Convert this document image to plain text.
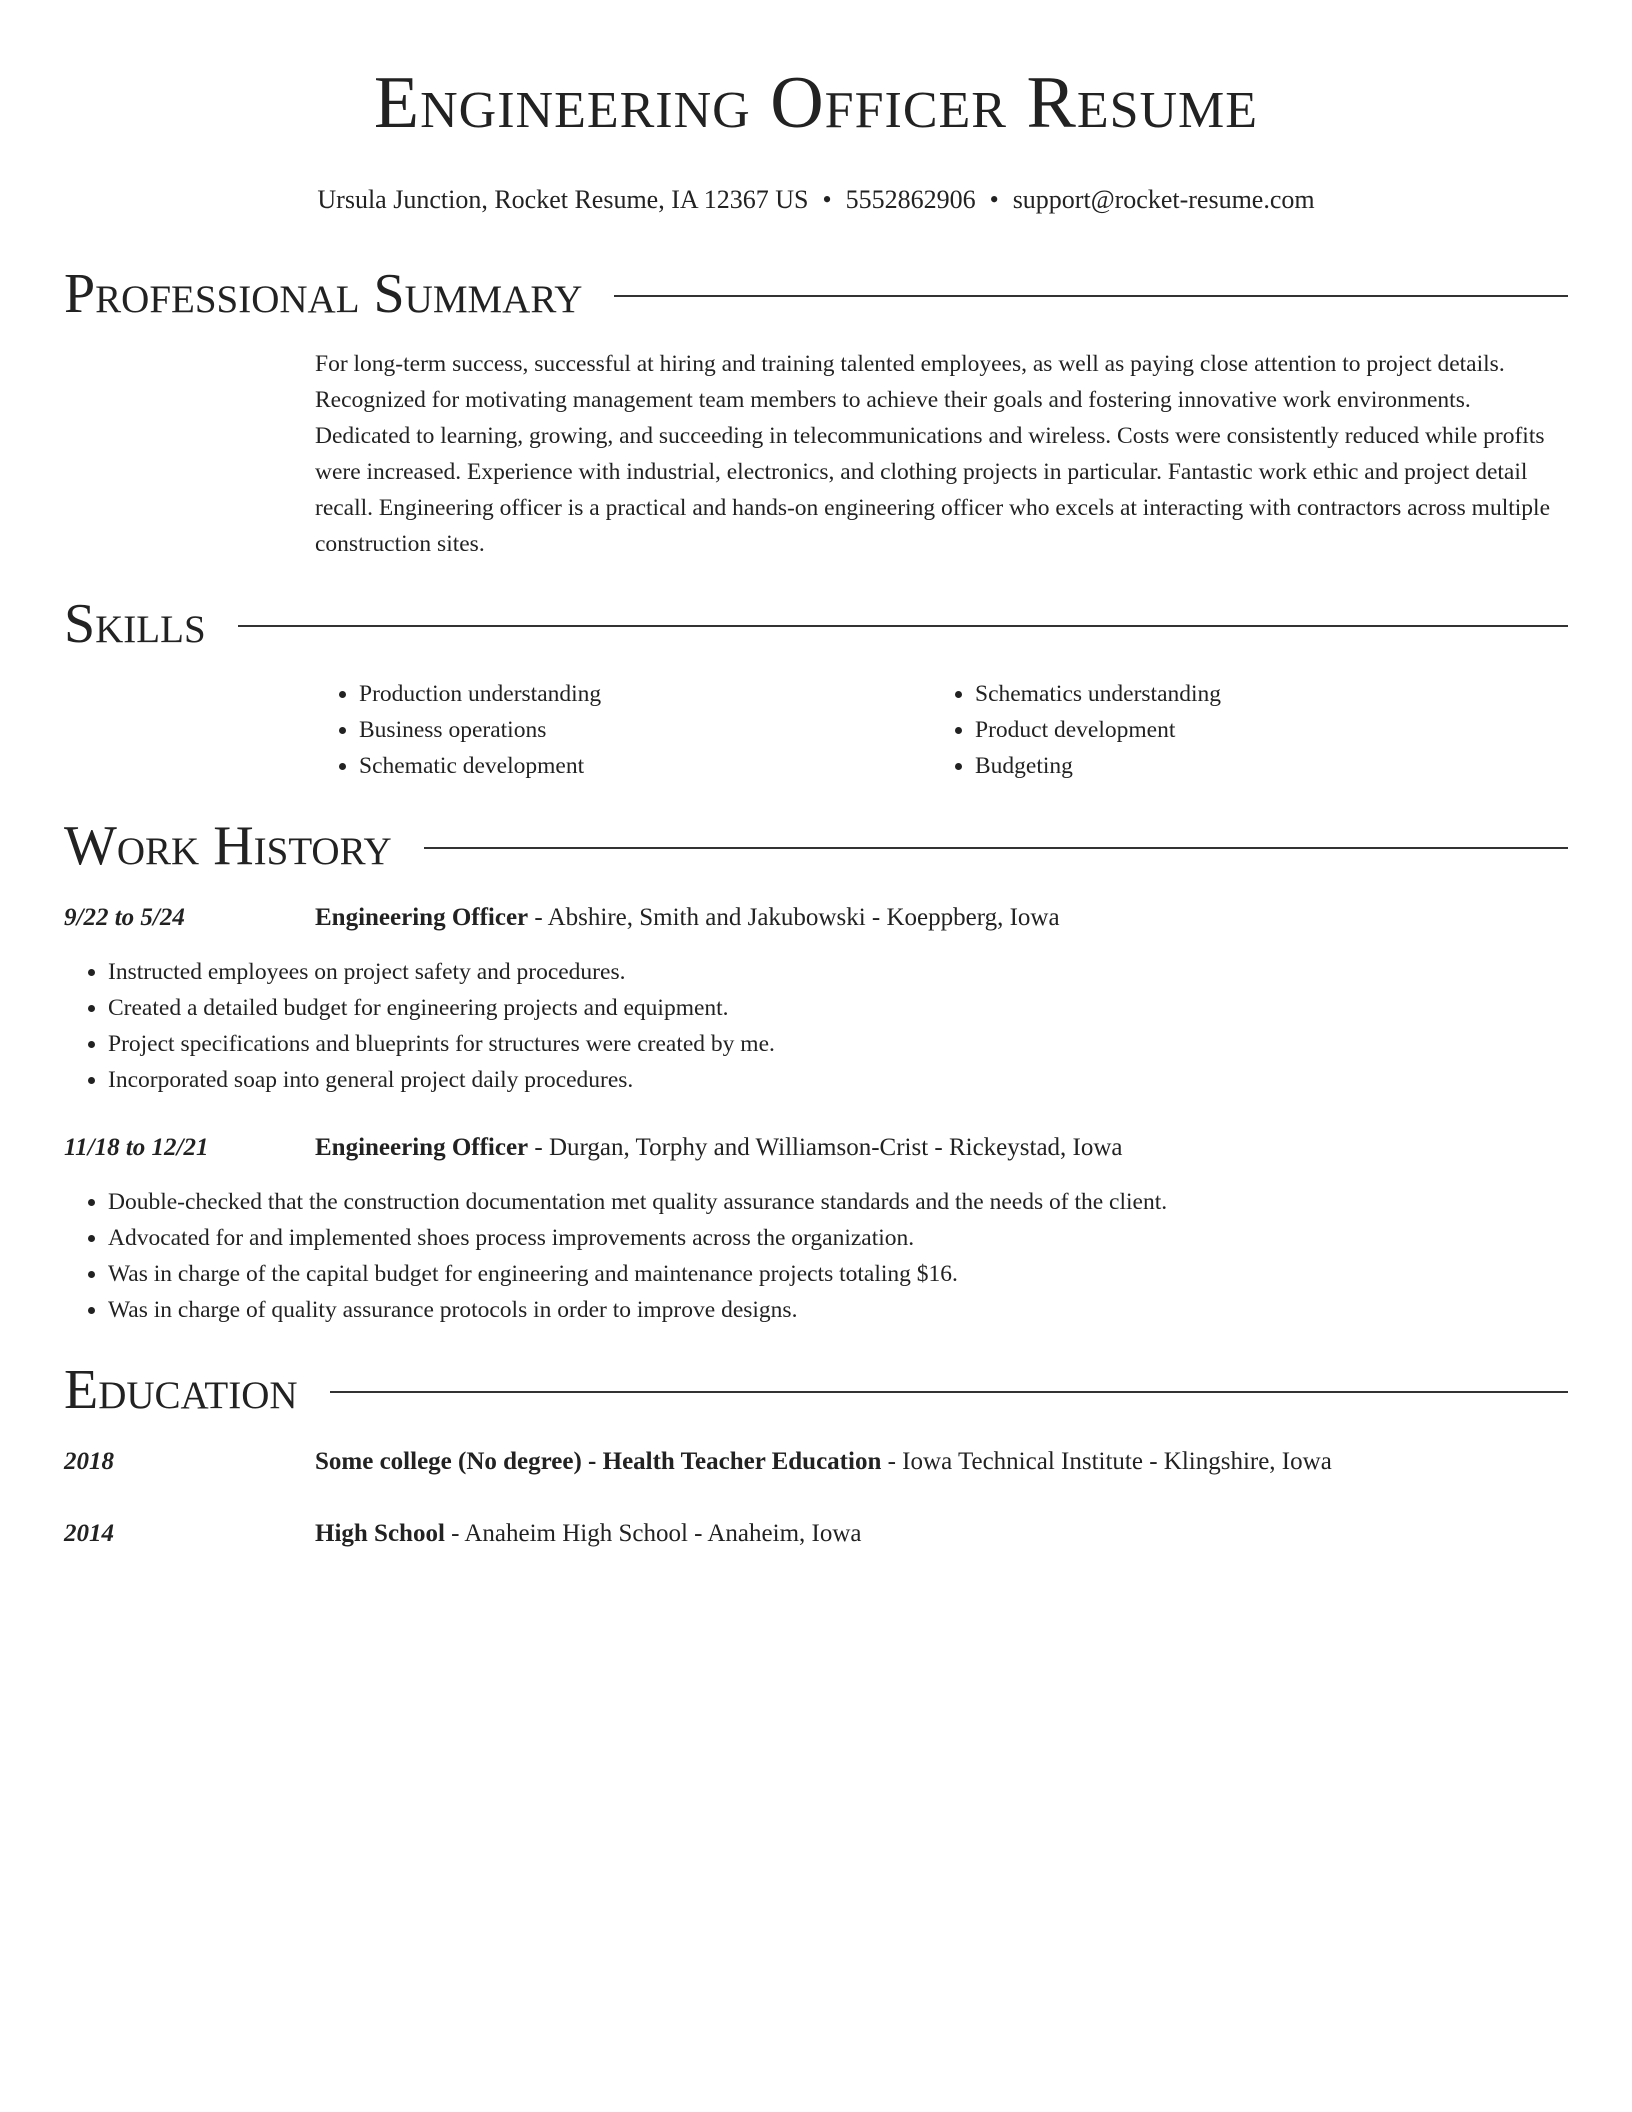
Engineering Officer Resume
Ursula Junction, Rocket Resume, IA 12367 US • 5552862906 • support@rocket-resume.com
Professional Summary
For long-term success, successful at hiring and training talented employees, as well as paying close attention to project details. Recognized for motivating management team members to achieve their goals and fostering innovative work environments. Dedicated to learning, growing, and succeeding in telecommunications and wireless. Costs were consistently reduced while profits were increased. Experience with industrial, electronics, and clothing projects in particular. Fantastic work ethic and project detail recall. Engineering officer is a practical and hands-on engineering officer who excels at interacting with contractors across multiple construction sites.
Skills
• Production understanding
• Business operations
• Schematic development
• Schematics understanding
• Product development
• Budgeting
Work History
9/22 to 5/24	Engineering Officer - Abshire, Smith and Jakubowski - Koeppberg, Iowa
• Instructed employees on project safety and procedures.
• Created a detailed budget for engineering projects and equipment.
• Project specifications and blueprints for structures were created by me.
• Incorporated soap into general project daily procedures.
11/18 to 12/21	Engineering Officer - Durgan, Torphy and Williamson-Crist - Rickeystad, Iowa
• Double-checked that the construction documentation met quality assurance standards and the needs of the client.
• Advocated for and implemented shoes process improvements across the organization.
• Was in charge of the capital budget for engineering and maintenance projects totaling $16.
• Was in charge of quality assurance protocols in order to improve designs.
Education
2018	Some college (No degree) - Health Teacher Education - Iowa Technical Institute - Klingshire, Iowa
2014	High School - Anaheim High School - Anaheim, Iowa
